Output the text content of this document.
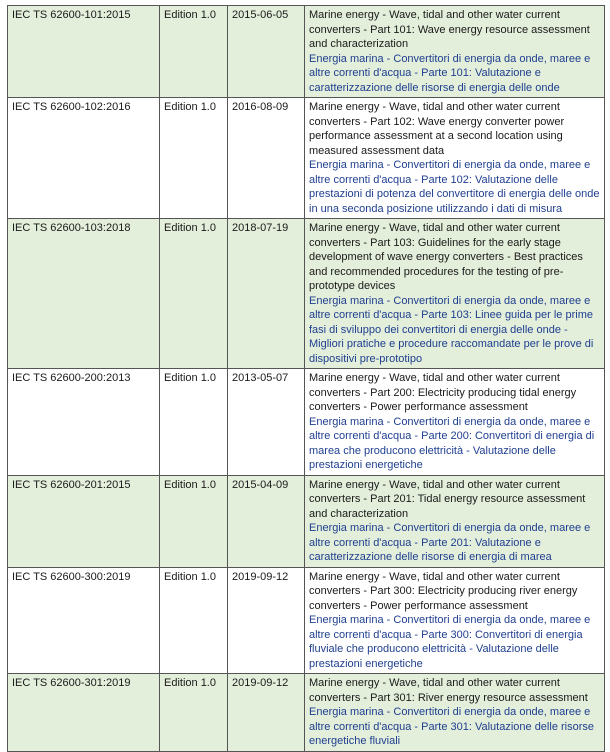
IEC TS 62600-101:2015	Edition 1.0	2015-06-05	Marine energy - Wave, tidal and other water current converters - Part 101: Wave energy resource assessment and characterization
Energia marina - Convertitori di energia da onde, maree e altre correnti d'acqua - Parte 101: Valutazione e caratterizzazione delle risorse di energia delle onde

IEC TS 62600-102:2016	Edition 1.0	2016-08-09	Marine energy - Wave, tidal and other water current converters - Part 102: Wave energy converter power performance assessment at a second location using measured assessment data
Energia marina - Convertitori di energia da onde, maree e altre correnti d'acqua - Parte 102: Valutazione delle prestazioni di potenza del convertitore di energia delle onde in una seconda posizione utilizzando i dati di misura

IEC TS 62600-103:2018	Edition 1.0	2018-07-19	Marine energy - Wave, tidal and other water current converters - Part 103: Guidelines for the early stage development of wave energy converters - Best practices and recommended procedures for the testing of pre-prototype devices
Energia marina - Convertitori di energia da onde, maree e altre correnti d'acqua - Parte 103: Linee guida per le prime fasi di sviluppo dei convertitori di energia delle onde - Migliori pratiche e procedure raccomandate per le prove di dispositivi pre-prototipo

IEC TS 62600-200:2013	Edition 1.0	2013-05-07	Marine energy - Wave, tidal and other water current converters - Part 200: Electricity producing tidal energy converters - Power performance assessment
Energia marina - Convertitori di energia da onde, maree e altre correnti d'acqua - Parte 200: Convertitori di energia di marea che producono elettricità - Valutazione delle prestazioni energetiche

IEC TS 62600-201:2015	Edition 1.0	2015-04-09	Marine energy - Wave, tidal and other water current converters - Part 201: Tidal energy resource assessment and characterization
Energia marina - Convertitori di energia da onde, maree e altre correnti d'acqua - Parte 201: Valutazione e caratterizzazione delle risorse di energia di marea

IEC TS 62600-300:2019	Edition 1.0	2019-09-12	Marine energy - Wave, tidal and other water current converters - Part 300: Electricity producing river energy converters - Power performance assessment
Energia marina - Convertitori di energia da onde, maree e altre correnti d'acqua - Parte 300: Convertitori di energia fluviale che producono elettricità - Valutazione delle prestazioni energetiche

IEC TS 62600-301:2019	Edition 1.0	2019-09-12	Marine energy - Wave, tidal and other water current converters - Part 301: River energy resource assessment
Energia marina - Convertitori di energia da onde, maree e altre correnti d'acqua - Parte 301: Valutazione delle risorse energetiche fluviali
